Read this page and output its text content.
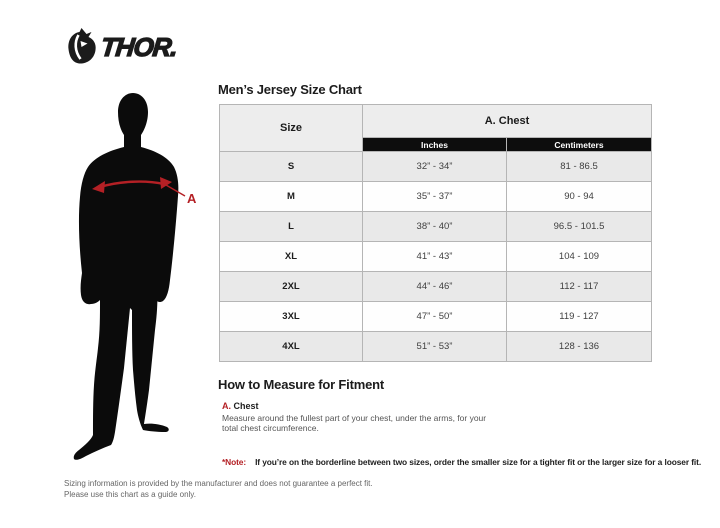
THOR.
A
Men’s Jersey Size Chart
Size	A. Chest	
	Inches	Centimeters
S	32” - 34”	81 - 86.5
M	35” - 37”	90 - 94
L	38” - 40”	96.5 - 101.5
XL	41” - 43”	104 - 109
2XL	44” - 46”	112 - 117
3XL	47” - 50”	119 - 127
4XL	51” - 53”	128 - 136
How to Measure for Fitment
A. Chest
Measure around the fullest part of your chest, under the arms, for your
total chest circumference.
*Note: If you’re on the borderline between two sizes, order the smaller size for a tighter fit or the larger size for a looser fit.
Sizing information is provided by the manufacturer and does not guarantee a perfect fit.
Please use this chart as a guide only.
